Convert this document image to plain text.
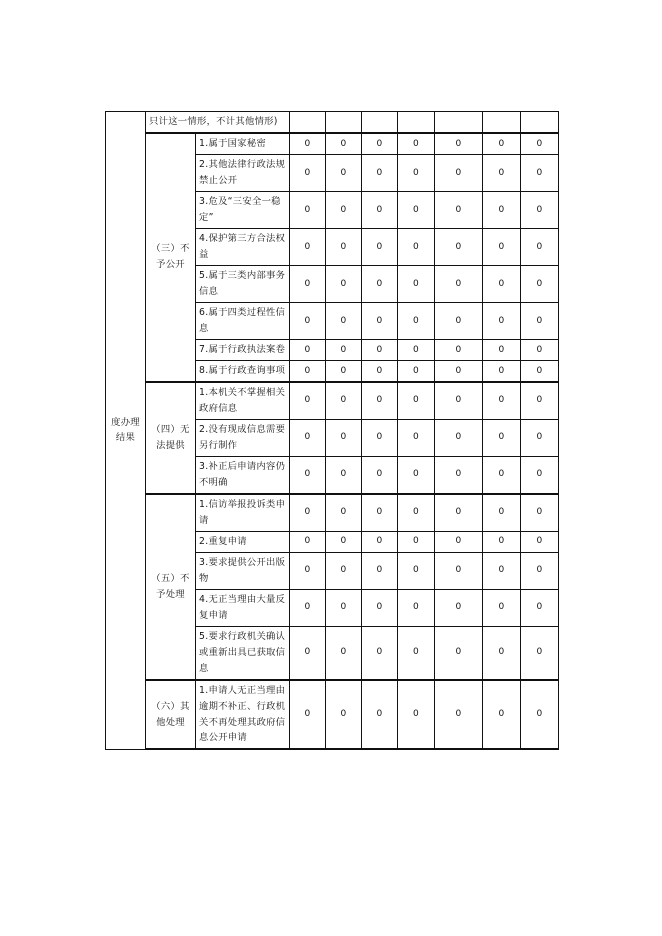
度办理结果	只计这一情形，不计其他情形)								
	（三）不予公开	1.属于国家秘密	0	0	0	0	0	0	0
		2.其他法律行政法规禁止公开	0	0	0	0	0	0	0
		3.危及“三安全一稳定”	0	0	0	0	0	0	0
		4.保护第三方合法权益	0	0	0	0	0	0	0
		5.属于三类内部事务信息	0	0	0	0	0	0	0
		6.属于四类过程性信息	0	0	0	0	0	0	0
		7.属于行政执法案卷	0	0	0	0	0	0	0
		8.属于行政查询事项	0	0	0	0	0	0	0
	（四）无法提供	1.本机关不掌握相关政府信息	0	0	0	0	0	0	0
		2.没有现成信息需要另行制作	0	0	0	0	0	0	0
		3.补正后申请内容仍不明确	0	0	0	0	0	0	0
	（五）不予处理	1.信访举报投诉类申请	0	0	0	0	0	0	0
		2.重复申请	0	0	0	0	0	0	0
		3.要求提供公开出版物	0	0	0	0	0	0	0
		4.无正当理由大量反复申请	0	0	0	0	0	0	0
		5.要求行政机关确认或重新出具已获取信息	0	0	0	0	0	0	0
	（六）其他处理	1.申请人无正当理由逾期不补正、行政机关不再处理其政府信息公开申请	0	0	0	0	0	0	0
